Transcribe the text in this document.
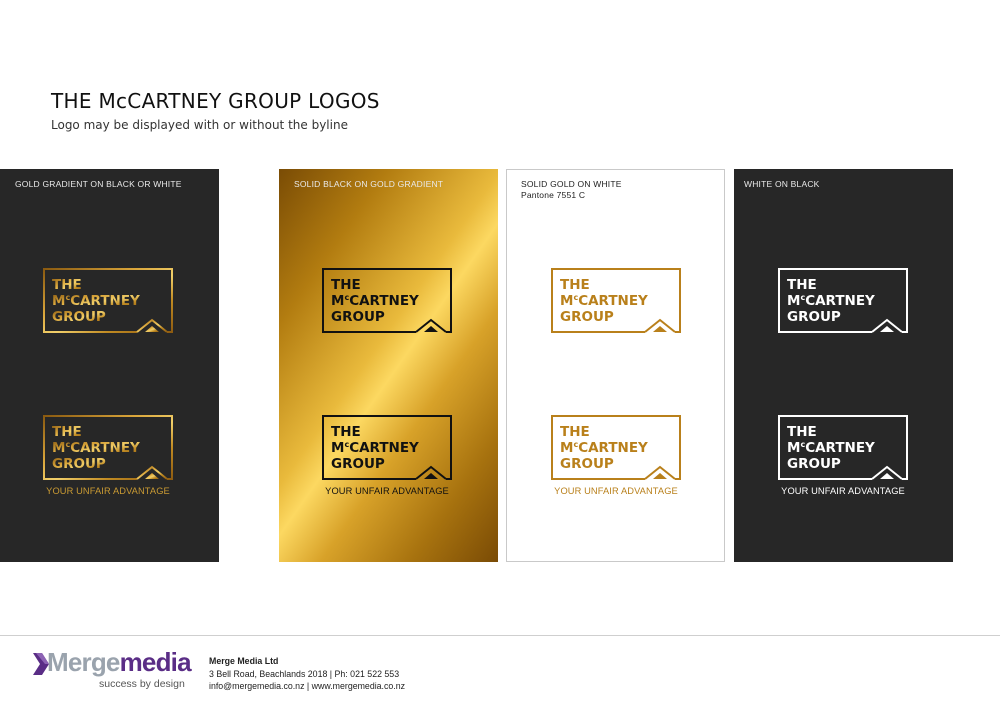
THE McCARTNEY GROUP LOGOS

Logo may be displayed with or without the byline

GOLD GRADIENT ON BLACK OR WHITE
THE
$M^cCARTNEY$
GROUP
THE
$M^cCARTNEY$
GROUP
YOUR UNFAIR ADVANTAGE
SOLID BLACK ON GOLD GRADIENT
THE
$M^cCARTNEY$
GROUP
THE
$M^cCARTNEY$
GROUP
YOUR UNFAIR ADVANTAGE
SOLID GOLD ON WHITE
Pantone 7551 C
THE
$M^cCARTNEY$
GROUP
THE
$M^cCARTNEY$
GROUP
YOUR UNFAIR ADVANTAGE
WHITE ON BLACK
THE
$M^cCARTNEY$
GROUP
THE
$M^cCARTNEY$
GROUP
YOUR UNFAIR ADVANTAGE
Mergemedia
success by design
Merge Media Ltd
3 Bell Road, Beachlands 2018 | Ph: 021 522 553
info@mergemedia.co.nz | www.mergemedia.co.nz
